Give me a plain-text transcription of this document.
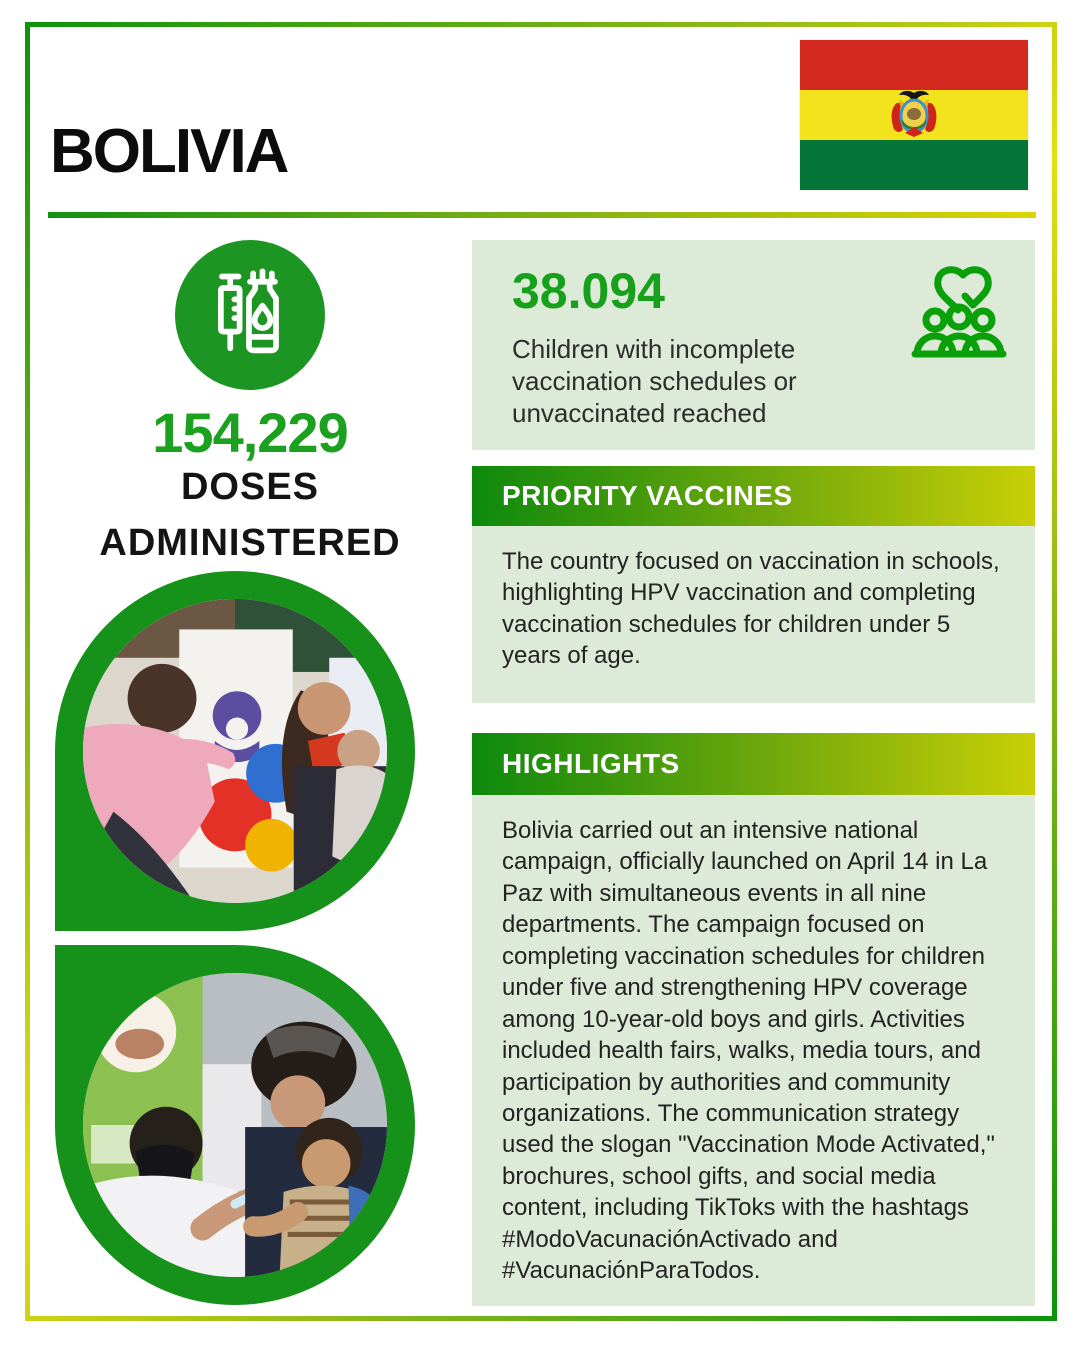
BOLIVIA
154,229
DOSES
ADMINISTERED
38.094
Children with incomplete vaccination schedules or unvaccinated reached
PRIORITY VACCINES
The country focused on vaccination in schools, highlighting HPV vaccination and completing vaccination schedules for children under 5 years of age.
HIGHLIGHTS
Bolivia carried out an intensive national campaign, officially launched on April 14 in La Paz with simultaneous events in all nine departments. The campaign focused on completing vaccination schedules for children under five and strengthening HPV coverage among 10-year-old boys and girls. Activities included health fairs, walks, media tours, and participation by authorities and community organizations. The communication strategy used the slogan "Vaccination Mode Activated," brochures, school gifts, and social media content, including TikToks with the hashtags #ModoVacunaciónActivado and #VacunaciónParaTodos.
